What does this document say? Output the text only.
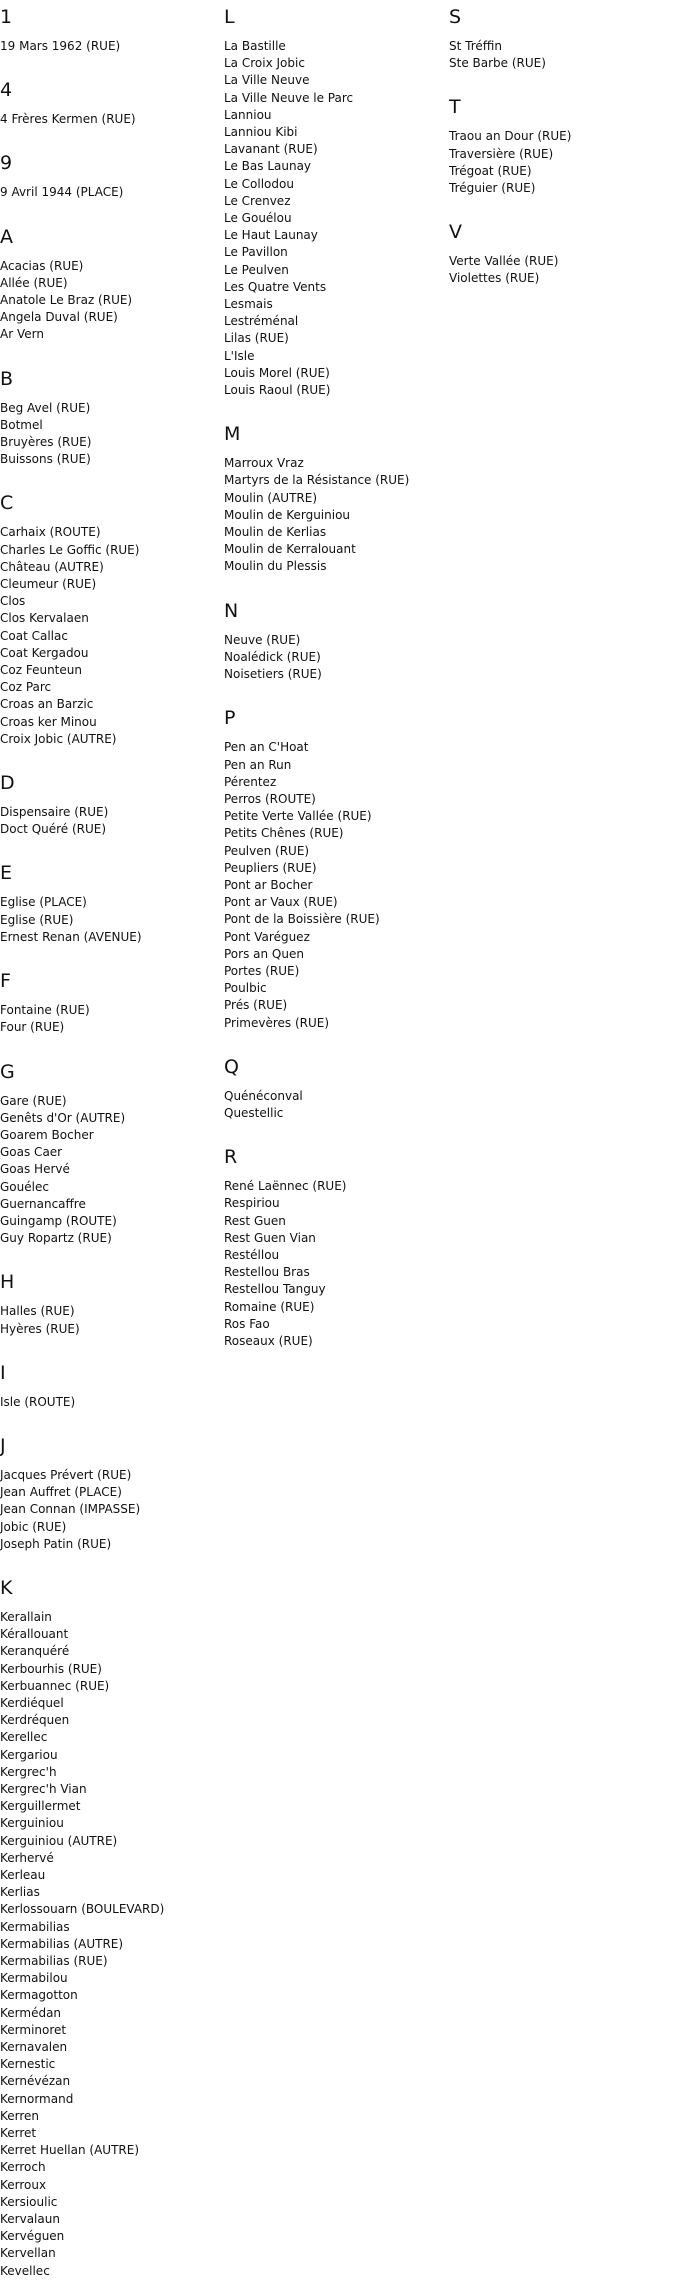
1
19 Mars 1962 (RUE)
4
4 Frères Kermen (RUE)
9
9 Avril 1944 (PLACE)
A
Acacias (RUE)
Allée (RUE)
Anatole Le Braz (RUE)
Angela Duval (RUE)
Ar Vern
B
Beg Avel (RUE)
Botmel
Bruyères (RUE)
Buissons (RUE)
C
Carhaix (ROUTE)
Charles Le Goffic (RUE)
Château (AUTRE)
Cleumeur (RUE)
Clos
Clos Kervalaen
Coat Callac
Coat Kergadou
Coz Feunteun
Coz Parc
Croas an Barzic
Croas ker Minou
Croix Jobic (AUTRE)
D
Dispensaire (RUE)
Doct Quéré (RUE)
E
Eglise (PLACE)
Eglise (RUE)
Ernest Renan (AVENUE)
F
Fontaine (RUE)
Four (RUE)
G
Gare (RUE)
Genêts d'Or (AUTRE)
Goarem Bocher
Goas Caer
Goas Hervé
Gouélec
Guernancaffre
Guingamp (ROUTE)
Guy Ropartz (RUE)
H
Halles (RUE)
Hyères (RUE)
I
Isle (ROUTE)
J
Jacques Prévert (RUE)
Jean Auffret (PLACE)
Jean Connan (IMPASSE)
Jobic (RUE)
Joseph Patin (RUE)
K
Kerallain
Kérallouant
Keranquéré
Kerbourhis (RUE)
Kerbuannec (RUE)
Kerdiéquel
Kerdréquen
Kerellec
Kergariou
Kergrec'h
Kergrec'h Vian
Kerguillermet
Kerguiniou
Kerguiniou (AUTRE)
Kerhervé
Kerleau
Kerlias
Kerlossouarn (BOULEVARD)
Kermabilias
Kermabilias (AUTRE)
Kermabilias (RUE)
Kermabilou
Kermagotton
Kermédan
Kerminoret
Kernavalen
Kernestic
Kernévézan
Kernormand
Kerren
Kerret
Kerret Huellan (AUTRE)
Kerroch
Kerroux
Kersioulic
Kervalaun
Kervéguen
Kervellan
Kevellec
L
La Bastille
La Croix Jobic
La Ville Neuve
La Ville Neuve le Parc
Lanniou
Lanniou Kibi
Lavanant (RUE)
Le Bas Launay
Le Collodou
Le Crenvez
Le Gouélou
Le Haut Launay
Le Pavillon
Le Peulven
Les Quatre Vents
Lesmais
Lestréménal
Lilas (RUE)
L'Isle
Louis Morel (RUE)
Louis Raoul (RUE)
M
Marroux Vraz
Martyrs de la Résistance (RUE)
Moulin (AUTRE)
Moulin de Kerguiniou
Moulin de Kerlias
Moulin de Kerralouant
Moulin du Plessis
N
Neuve (RUE)
Noalédick (RUE)
Noisetiers (RUE)
P
Pen an C'Hoat
Pen an Run
Pérentez
Perros (ROUTE)
Petite Verte Vallée (RUE)
Petits Chênes (RUE)
Peulven (RUE)
Peupliers (RUE)
Pont ar Bocher
Pont ar Vaux (RUE)
Pont de la Boissière (RUE)
Pont Varéguez
Pors an Quen
Portes (RUE)
Poulbic
Prés (RUE)
Primevères (RUE)
Q
Quénéconval
Questellic
R
René Laënnec (RUE)
Respiriou
Rest Guen
Rest Guen Vian
Restéllou
Restellou Bras
Restellou Tanguy
Romaine (RUE)
Ros Fao
Roseaux (RUE)
S
St Tréffin
Ste Barbe (RUE)
T
Traou an Dour (RUE)
Traversière (RUE)
Trégoat (RUE)
Tréguier (RUE)
V
Verte Vallée (RUE)
Violettes (RUE)
